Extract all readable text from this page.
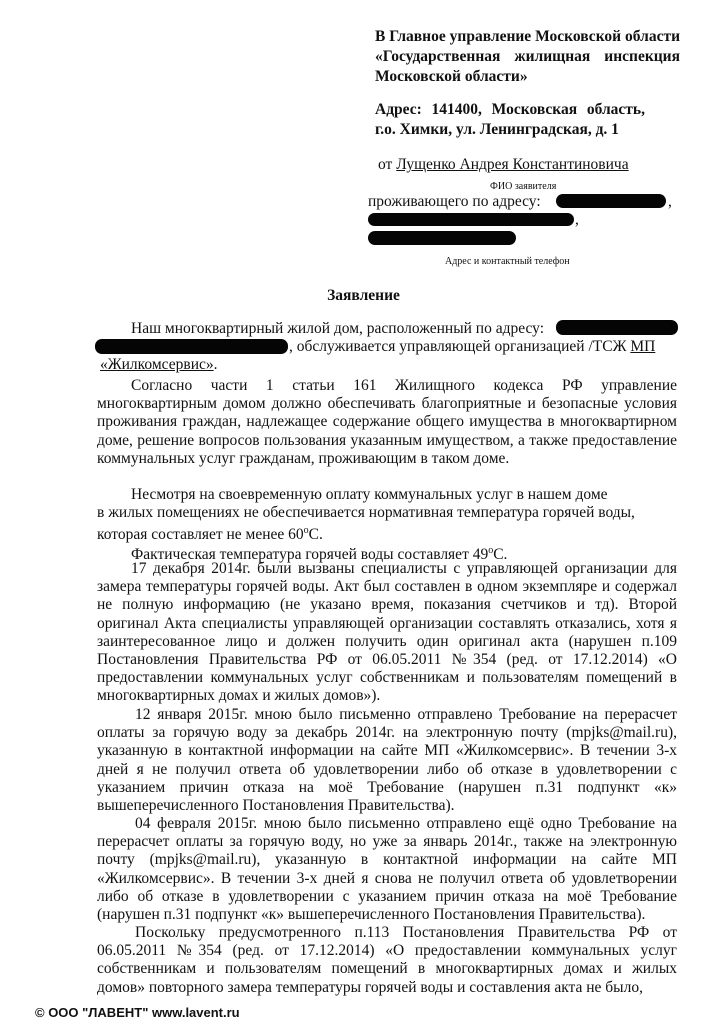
В Главное управление Московской области «Государственная жилищная инспекция Московской области»
Адрес: 141400, Московская область, г.о. Химки, ул. Ленинградская, д. 1
от Лущенко Андрея Константиновича
ФИО заявителя
проживающего по адресу:	,
,
Адрес и контактный телефон
Заявление
Наш многоквартирный жилой дом, расположенный по адресу:
, обслуживается управляющей организацией /ТСЖ МП
«Жилкомсервис».
Согласно части 1 статьи 161 Жилищного кодекса РФ управление многоквартирным домом должно обеспечивать благоприятные и безопасные условия проживания граждан, надлежащее содержание общего имущества в многоквартирном доме, решение вопросов пользования указанным имуществом, а также предоставление коммунальных услуг гражданам, проживающим в таком доме.
Несмотря на своевременную оплату коммунальных услуг в нашем доме
в жилых помещениях не обеспечивается нормативная температура горячей воды,
которая составляет не менее $60^оС$.
Фактическая температура горячей воды составляет $49^оС$.
17 декабря 2014г. были вызваны специалисты с управляющей организации для замера температуры горячей воды. Акт был составлен в одном экземпляре и содержал не полную информацию (не указано время, показания счетчиков и тд). Второй оригинал Акта специалисты управляющей организации составлять отказались, хотя я заинтересованное лицо и должен получить один оригинал акта (нарушен п.109 Постановления Правительства РФ от 06.05.2011 №354 (ред. от 17.12.2014) «О предоставлении коммунальных услуг собственникам и пользователям помещений в многоквартирных домах и жилых домов»).
12 января 2015г. мною было письменно отправлено Требование на перерасчет оплаты за горячую воду за декабрь 2014г. на электронную почту (mpjks@mail.ru), указанную в контактной информации на сайте МП «Жилкомсервис». В течении 3-х дней я не получил ответа об удовлетворении либо об отказе в удовлетворении с указанием причин отказа на моё Требование (нарушен п.31 подпункт «к» вышеперечисленного Постановления Правительства).
04 февраля 2015г. мною было письменно отправлено ещё одно Требование на перерасчет оплаты за горячую воду, но уже за январь 2014г., также на электронную почту (mpjks@mail.ru), указанную в контактной информации на сайте МП «Жилкомсервис». В течении 3-х дней я снова не получил ответа об удовлетворении либо об отказе в удовлетворении с указанием причин отказа на моё Требование (нарушен п.31 подпункт «к» вышеперечисленного Постановления Правительства).
Поскольку предусмотренного п.113 Постановления Правительства РФ от 06.05.2011 №354 (ред. от 17.12.2014) «О предоставлении коммунальных услуг собственникам и пользователям помещений в многоквартирных домах и жилых домов» повторного замера температуры горячей воды и составления акта не было,
© ООО "ЛАВЕНТ" www.lavent.ru
